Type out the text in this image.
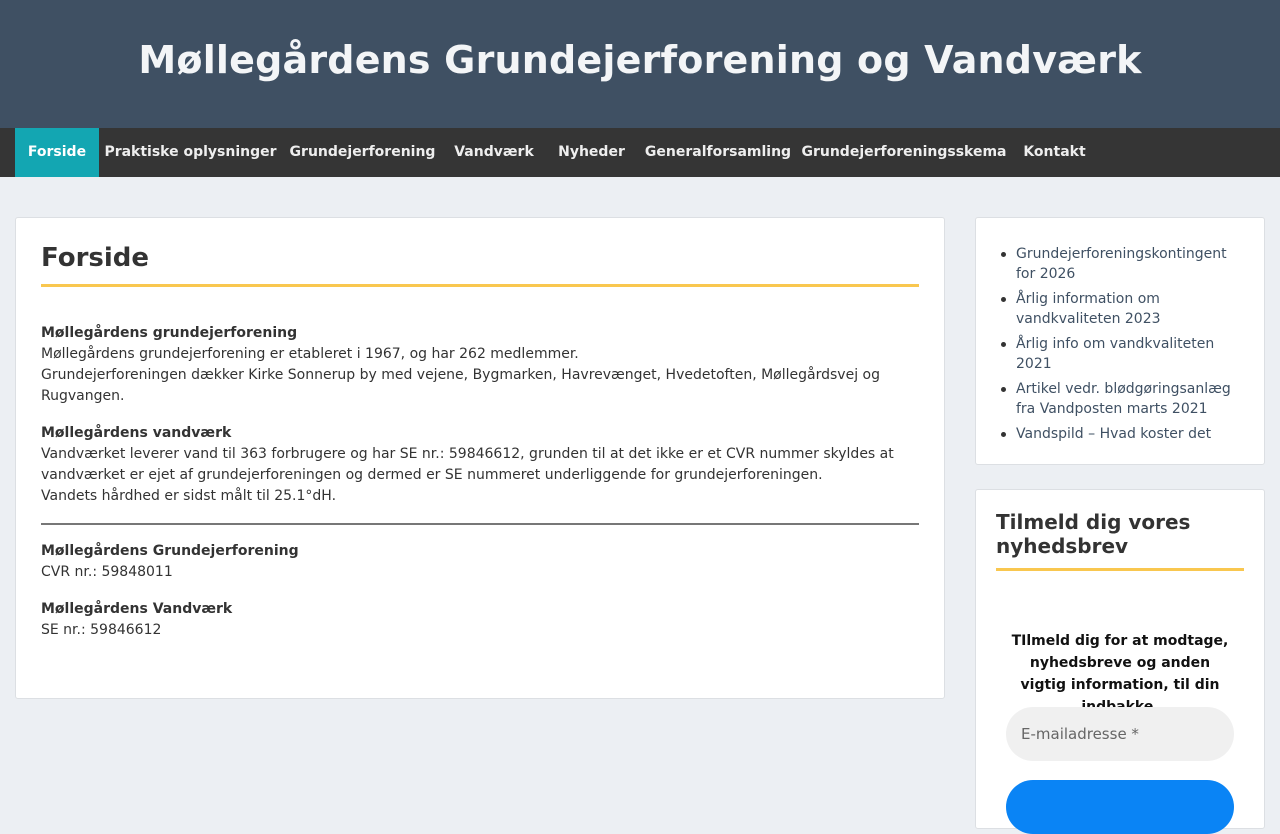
Møllegårdens Grundejerforening og Vandværk
Forside	Praktiske oplysninger Grundejerforening	Vandværk	Nyheder	Generalforsamling Grundejerforeningsskema	Kontakt
Forside
Møllegårdens grundejerforening
Møllegårdens grundejerforening er etableret i 1967, og har 262 medlemmer.
Grundejerforeningen dækker Kirke Sonnerup by med vejene, Bygmarken, Havrevænget, Hvedetoften, Møllegårdsvej og Rugvangen.
Møllegårdens vandværk
Vandværket leverer vand til 363 forbrugere og har SE nr.: 59846612, grunden til at det ikke er et CVR nummer skyldes at vandværket er ejet af grundejerforeningen og dermed er SE nummeret underliggende for grundejerforeningen.
Vandets hårdhed er sidst målt til 25.1°dH.
Møllegårdens Grundejerforening
CVR nr.: 59848011
Møllegårdens Vandværk
SE nr.: 59846612
Grundejerforeningskontingent for 2026
Årlig information om vandkvaliteten 2023
Årlig info om vandkvaliteten 2021
Artikel vedr. blødgøringsanlæg fra Vandposten marts 2021
Vandspild – Hvad koster det
Tilmeld dig vores nyhedsbrev

TIlmeld dig for at modtage, nyhedsbreve og anden vigtig information, til din

E-mailadresse *
